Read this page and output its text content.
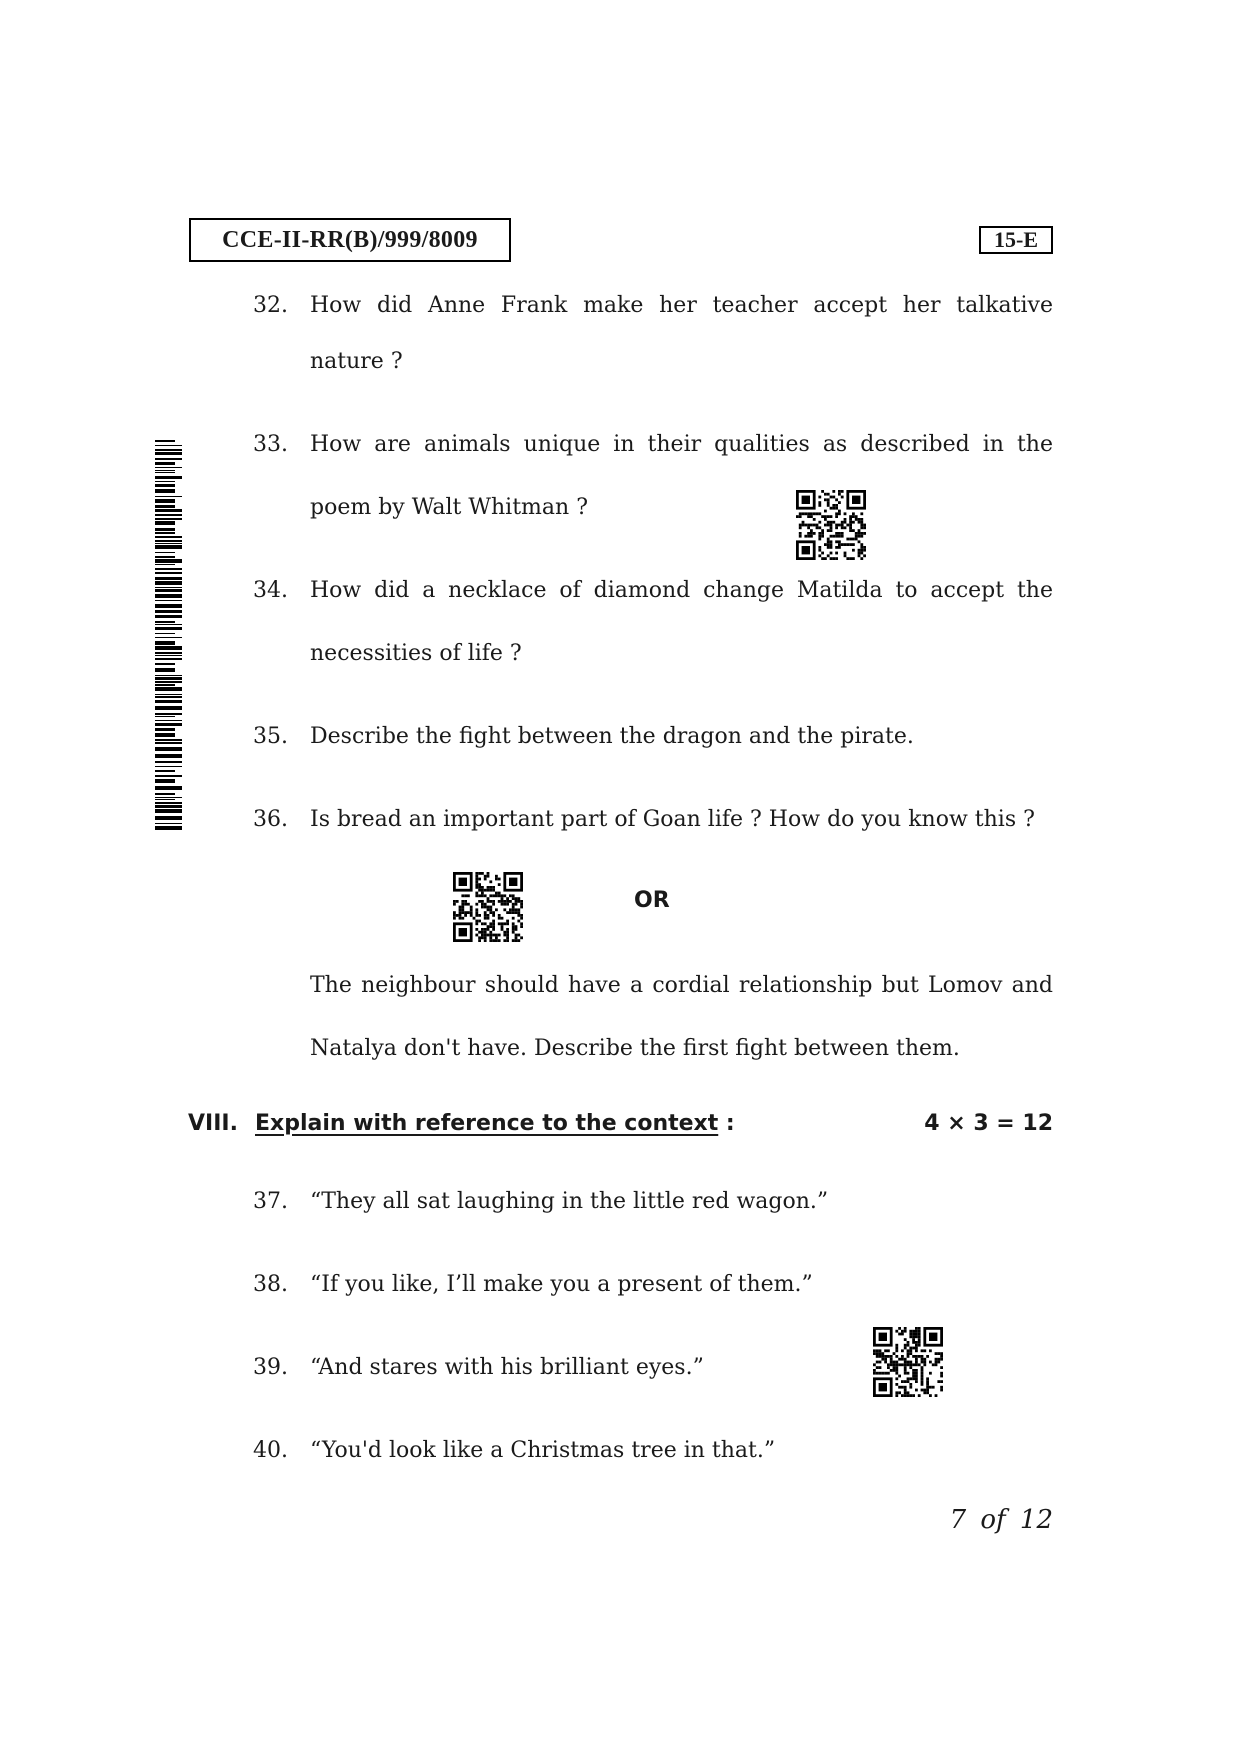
CCE-II-RR(B)/999/8009	15-E
32.	How did Anne Frank make her teacher accept her talkative
nature ?
33.	How are animals unique in their qualities as described in the
poem by Walt Whitman ?
34.	How did a necklace of diamond change Matilda to accept the
necessities of life ?
35.	Describe the fight between the dragon and the pirate.
36.	Is bread an important part of Goan life ? How do you know this ?
OR
The neighbour should have a cordial relationship but Lomov and
Natalya don't have. Describe the first fight between them.
VIII. Explain with reference to the context :	4 × 3 = 12
37.	“They all sat laughing in the little red wagon.”
38.	“If you like, I’ll make you a present of them.”
39.	“And stares with his brilliant eyes.”
40.	“You'd look like a Christmas tree in that.”
7 of 12
